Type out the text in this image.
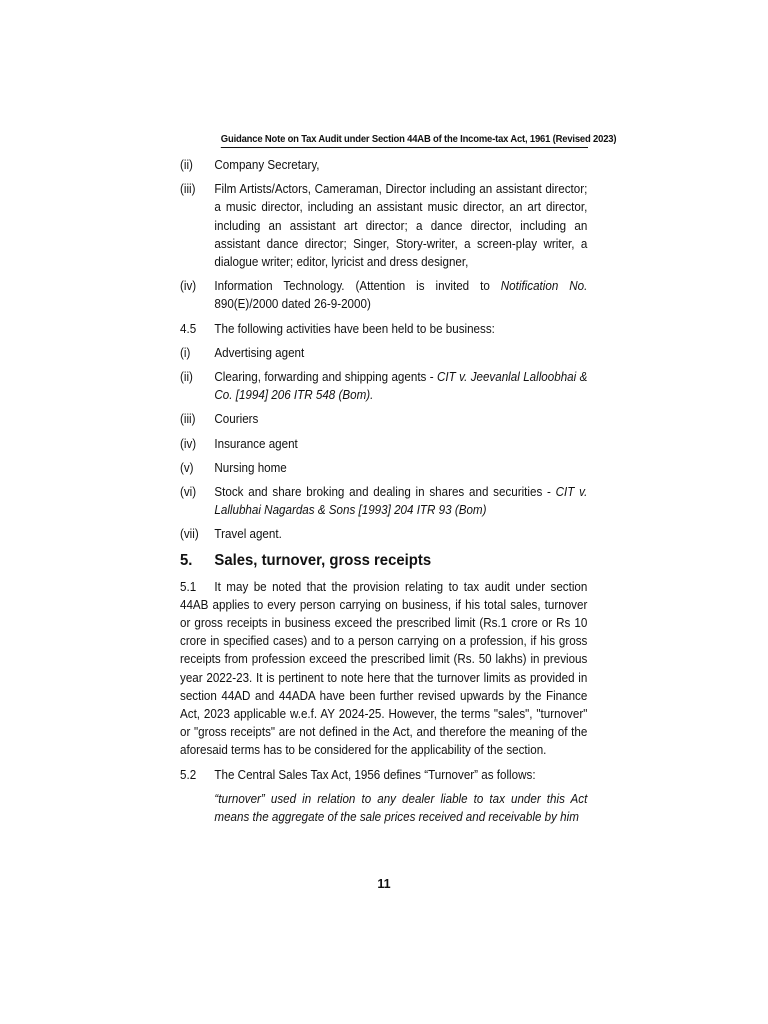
Guidance Note on Tax Audit under Section 44AB of the Income-tax Act, 1961 (Revised 2023)
(ii)	Company Secretary,
(iii)	Film Artists/Actors, Cameraman, Director including an assistant director; a music director, including an assistant music director, an art director, including an assistant art director; a dance director, including an assistant dance director; Singer, Story-writer, a screen-play writer, a dialogue writer; editor, lyricist and dress designer,
(iv)	Information Technology. (Attention is invited to Notification No. 890(E)/2000 dated 26-9-2000)
4.5	The following activities have been held to be business:
(i)	Advertising agent
(ii)	Clearing, forwarding and shipping agents - CIT v. Jeevanlal Lalloobhai & Co. [1994] 206 ITR 548 (Bom).
(iii)	Couriers
(iv)	Insurance agent
(v)	Nursing home
(vi)	Stock and share broking and dealing in shares and securities - CIT v. Lallubhai Nagardas & Sons [1993] 204 ITR 93 (Bom)
(vii)	Travel agent.
5.	Sales, turnover, gross receipts
5.1 It may be noted that the provision relating to tax audit under section 44AB applies to every person carrying on business, if his total sales, turnover or gross receipts in business exceed the prescribed limit (Rs.1 crore or Rs 10 crore in specified cases) and to a person carrying on a profession, if his gross receipts from profession exceed the prescribed limit (Rs. 50 lakhs) in previous year 2022-23. It is pertinent to note here that the turnover limits as provided in section 44AD and 44ADA have been further revised upwards by the Finance Act, 2023 applicable w.e.f. AY 2024-25. However, the terms "sales", "turnover" or "gross receipts" are not defined in the Act, and therefore the meaning of the aforesaid terms has to be considered for the applicability of the section.
5.2	The Central Sales Tax Act, 1956 defines “Turnover” as follows:
“turnover” used in relation to any dealer liable to tax under this Act means the aggregate of the sale prices received and receivable by him
11
